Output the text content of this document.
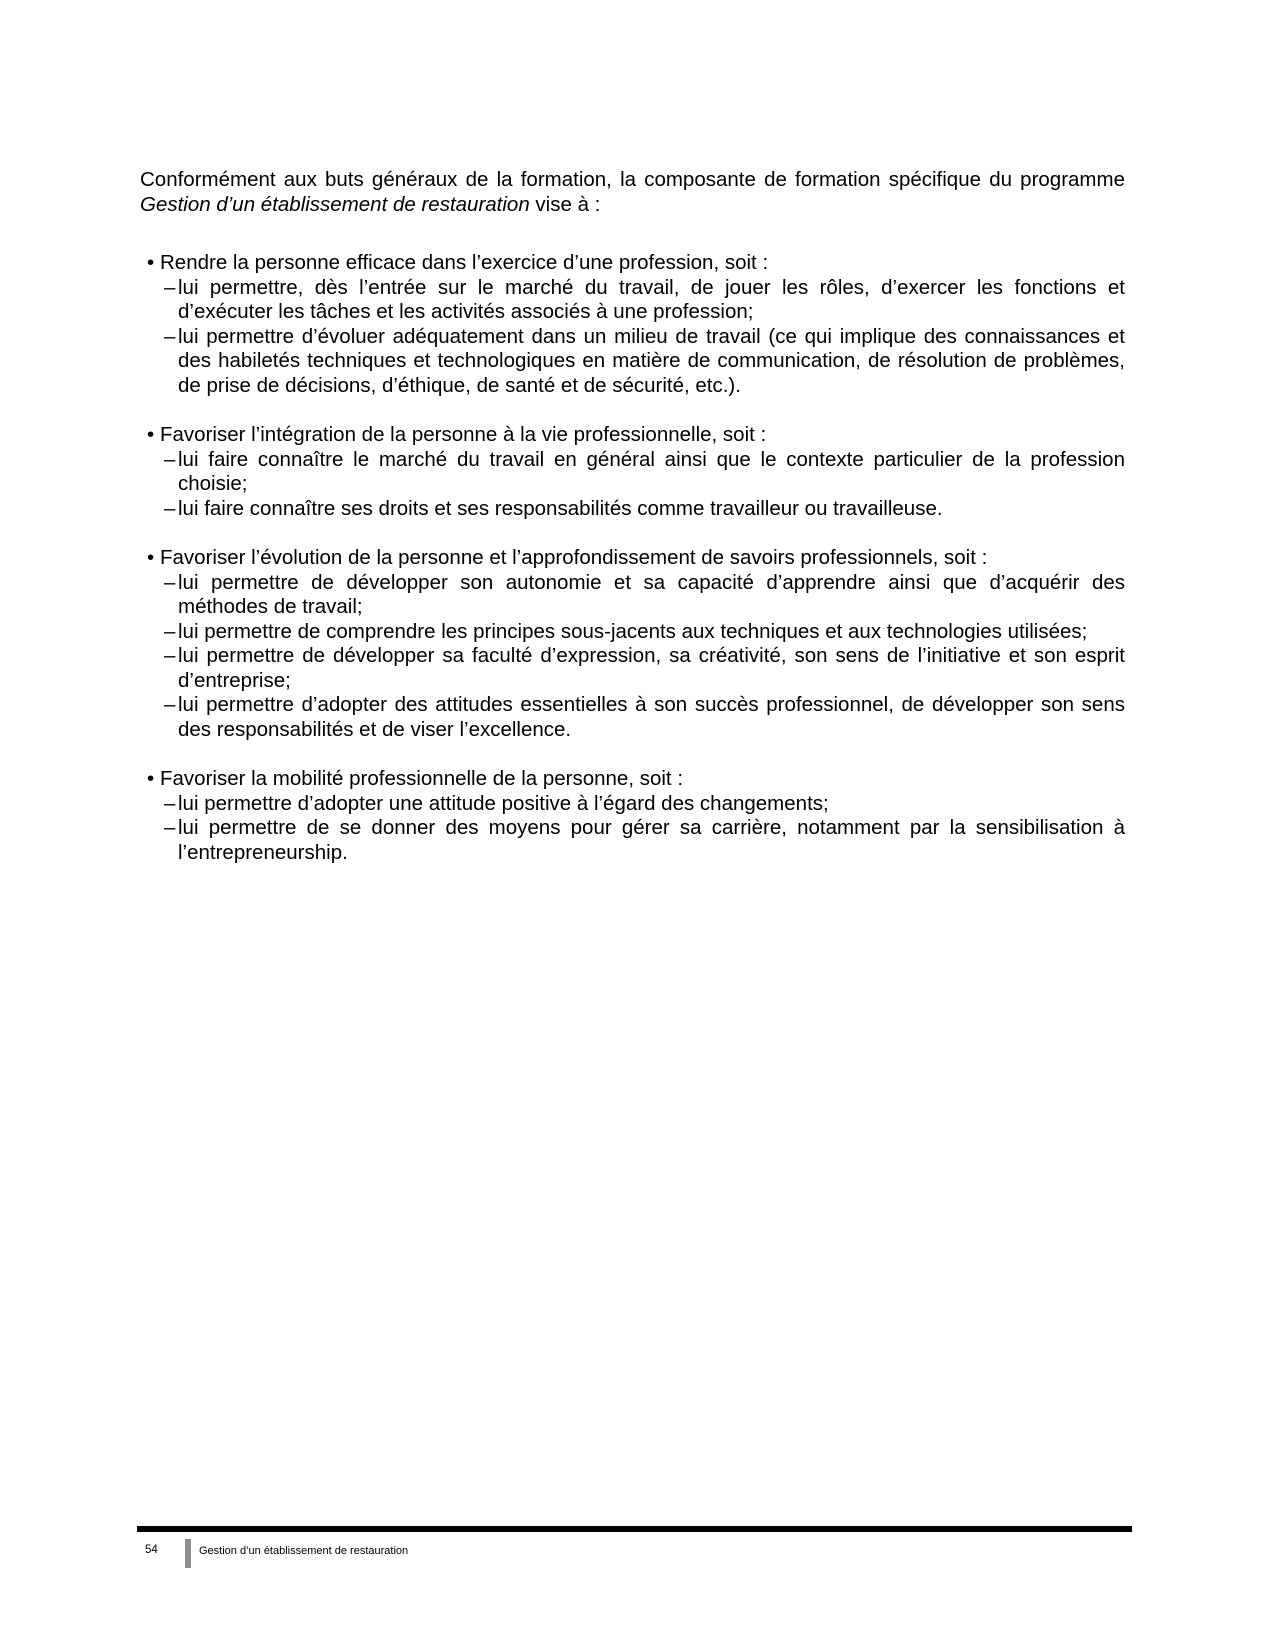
Conformément aux buts généraux de la formation, la composante de formation spécifique du programme Gestion d’un établissement de restauration vise à :

• Rendre la personne efficace dans l’exercice d’une profession, soit :
– lui permettre, dès l’entrée sur le marché du travail, de jouer les rôles, d’exercer les fonctions et d’exécuter les tâches et les activités associés à une profession;
– lui permettre d’évoluer adéquatement dans un milieu de travail (ce qui implique des connaissances et des habiletés techniques et technologiques en matière de communication, de résolution de problèmes, de prise de décisions, d’éthique, de santé et de sécurité, etc.).
• Favoriser l’intégration de la personne à la vie professionnelle, soit :
– lui faire connaître le marché du travail en général ainsi que le contexte particulier de la profession choisie;
– lui faire connaître ses droits et ses responsabilités comme travailleur ou travailleuse.
• Favoriser l’évolution de la personne et l’approfondissement de savoirs professionnels, soit :
– lui permettre de développer son autonomie et sa capacité d’apprendre ainsi que d’acquérir des méthodes de travail;
– lui permettre de comprendre les principes sous-jacents aux techniques et aux technologies utilisées;
– lui permettre de développer sa faculté d’expression, sa créativité, son sens de l’initiative et son esprit d’entreprise;
– lui permettre d’adopter des attitudes essentielles à son succès professionnel, de développer son sens des responsabilités et de viser l’excellence.
• Favoriser la mobilité professionnelle de la personne, soit :
– lui permettre d’adopter une attitude positive à l’égard des changements;
– lui permettre de se donner des moyens pour gérer sa carrière, notamment par la sensibilisation à l’entrepreneurship.
54	Gestion d’un établissement de restauration
